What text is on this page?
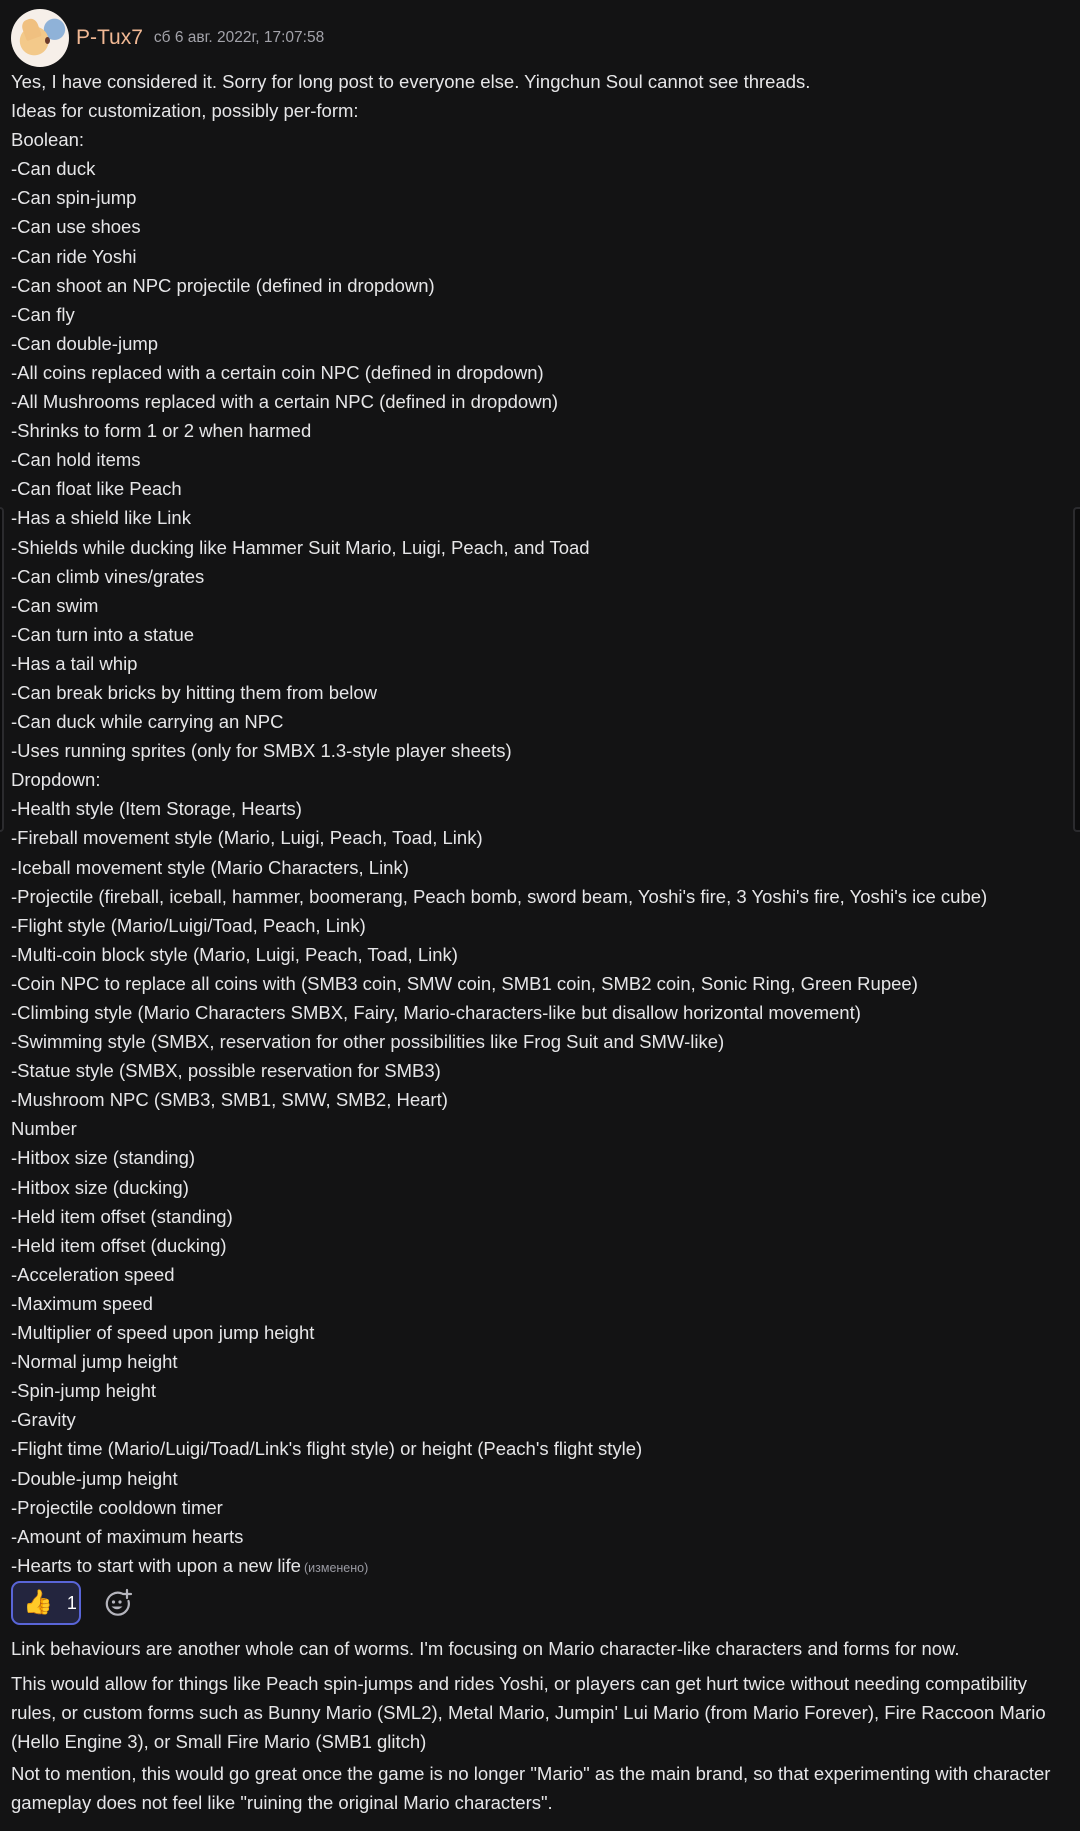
P-Tux7 сб 6 авг. 2022г, 17:07:58
Yes, I have considered it. Sorry for long post to everyone else. Yingchun Soul cannot see threads.
Ideas for customization, possibly per-form:
Boolean:
-Can duck
-Can spin-jump
-Can use shoes
-Can ride Yoshi
-Can shoot an NPC projectile (defined in dropdown)
-Can fly
-Can double-jump
-All coins replaced with a certain coin NPC (defined in dropdown)
-All Mushrooms replaced with a certain NPC (defined in dropdown)
-Shrinks to form 1 or 2 when harmed
-Can hold items
-Can float like Peach
-Has a shield like Link
-Shields while ducking like Hammer Suit Mario, Luigi, Peach, and Toad
-Can climb vines/grates
-Can swim
-Can turn into a statue
-Has a tail whip
-Can break bricks by hitting them from below
-Can duck while carrying an NPC
-Uses running sprites (only for SMBX 1.3-style player sheets)
Dropdown:
-Health style (Item Storage, Hearts)
-Fireball movement style (Mario, Luigi, Peach, Toad, Link)
-Iceball movement style (Mario Characters, Link)
-Projectile (fireball, iceball, hammer, boomerang, Peach bomb, sword beam, Yoshi's fire, 3 Yoshi's fire, Yoshi's ice cube)
-Flight style (Mario/Luigi/Toad, Peach, Link)
-Multi-coin block style (Mario, Luigi, Peach, Toad, Link)
-Coin NPC to replace all coins with (SMB3 coin, SMW coin, SMB1 coin, SMB2 coin, Sonic Ring, Green Rupee)
-Climbing style (Mario Characters SMBX, Fairy, Mario-characters-like but disallow horizontal movement)
-Swimming style (SMBX, reservation for other possibilities like Frog Suit and SMW-like)
-Statue style (SMBX, possible reservation for SMB3)
-Mushroom NPC (SMB3, SMB1, SMW, SMB2, Heart)
Number
-Hitbox size (standing)
-Hitbox size (ducking)
-Held item offset (standing)
-Held item offset (ducking)
-Acceleration speed
-Maximum speed
-Multiplier of speed upon jump height
-Normal jump height
-Spin-jump height
-Gravity
-Flight time (Mario/Luigi/Toad/Link's flight style) or height (Peach's flight style)
-Double-jump height
-Projectile cooldown timer
-Amount of maximum hearts
-Hearts to start with upon a new life (изменено)
👍 1
Link behaviours are another whole can of worms. I'm focusing on Mario character-like characters and forms for now.
This would allow for things like Peach spin-jumps and rides Yoshi, or players can get hurt twice without needing compatibility rules, or custom forms such as Bunny Mario (SML2), Metal Mario, Jumpin' Lui Mario (from Mario Forever), Fire Raccoon Mario (Hello Engine 3), or Small Fire Mario (SMB1 glitch)
Not to mention, this would go great once the game is no longer "Mario" as the main brand, so that experimenting with character gameplay does not feel like "ruining the original Mario characters".
